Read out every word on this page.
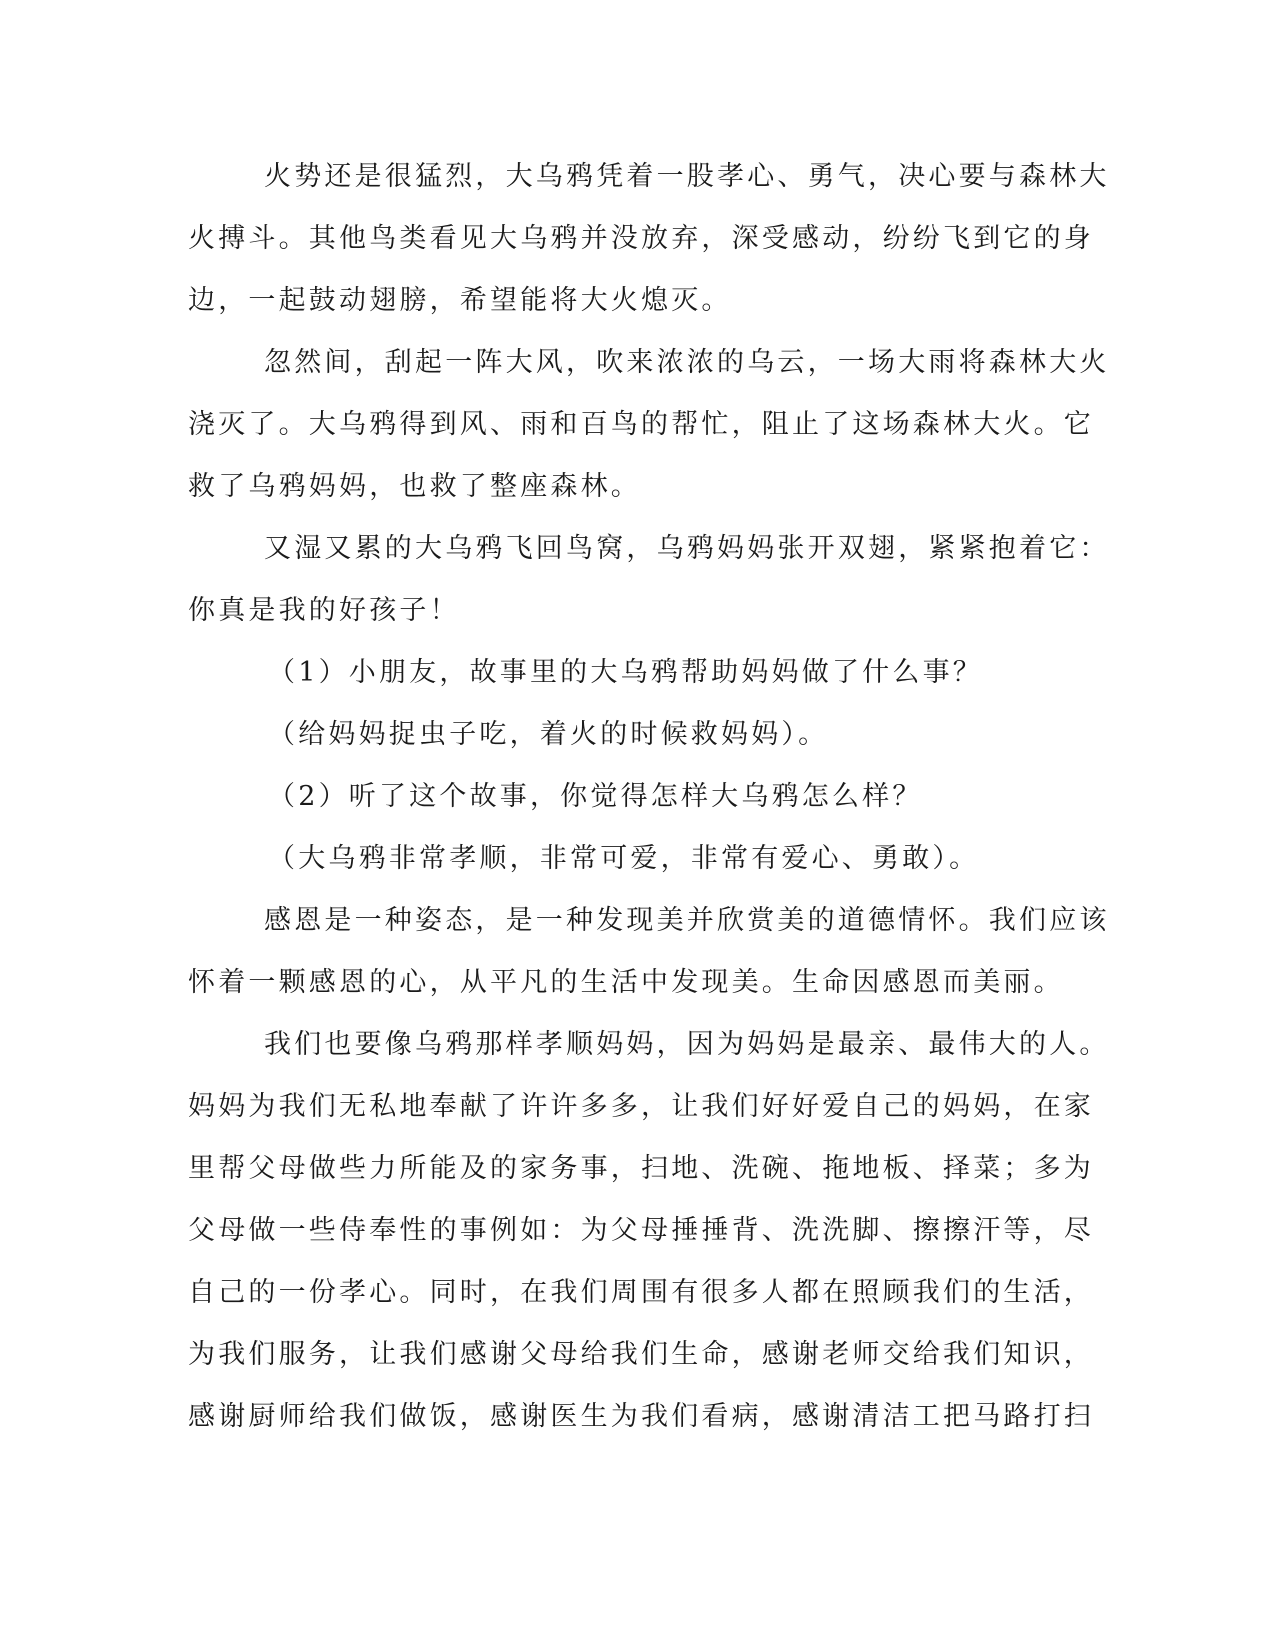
火势还是很猛烈，大乌鸦凭着一股孝心、勇气，决心要与森林大
火搏斗。其他鸟类看见大乌鸦并没放弃，深受感动，纷纷飞到它的身
边，一起鼓动翅膀，希望能将大火熄灭。
忽然间，刮起一阵大风，吹来浓浓的乌云，一场大雨将森林大火
浇灭了。大乌鸦得到风、雨和百鸟的帮忙，阻止了这场森林大火。它
救了乌鸦妈妈，也救了整座森林。
又湿又累的大乌鸦飞回鸟窝，乌鸦妈妈张开双翅，紧紧抱着它：
你真是我的好孩子！
（1）小朋友，故事里的大乌鸦帮助妈妈做了什么事？
（给妈妈捉虫子吃，着火的时候救妈妈）。
（2）听了这个故事，你觉得怎样大乌鸦怎么样？
（大乌鸦非常孝顺，非常可爱，非常有爱心、勇敢）。
感恩是一种姿态，是一种发现美并欣赏美的道德情怀。我们应该
怀着一颗感恩的心，从平凡的生活中发现美。生命因感恩而美丽。
我们也要像乌鸦那样孝顺妈妈，因为妈妈是最亲、最伟大的人。
妈妈为我们无私地奉献了许许多多，让我们好好爱自己的妈妈，在家
里帮父母做些力所能及的家务事，扫地、洗碗、拖地板、择菜；多为
父母做一些侍奉性的事例如：为父母捶捶背、洗洗脚、擦擦汗等，尽
自己的一份孝心。同时，在我们周围有很多人都在照顾我们的生活，
为我们服务，让我们感谢父母给我们生命，感谢老师交给我们知识，
感谢厨师给我们做饭，感谢医生为我们看病，感谢清洁工把马路打扫
